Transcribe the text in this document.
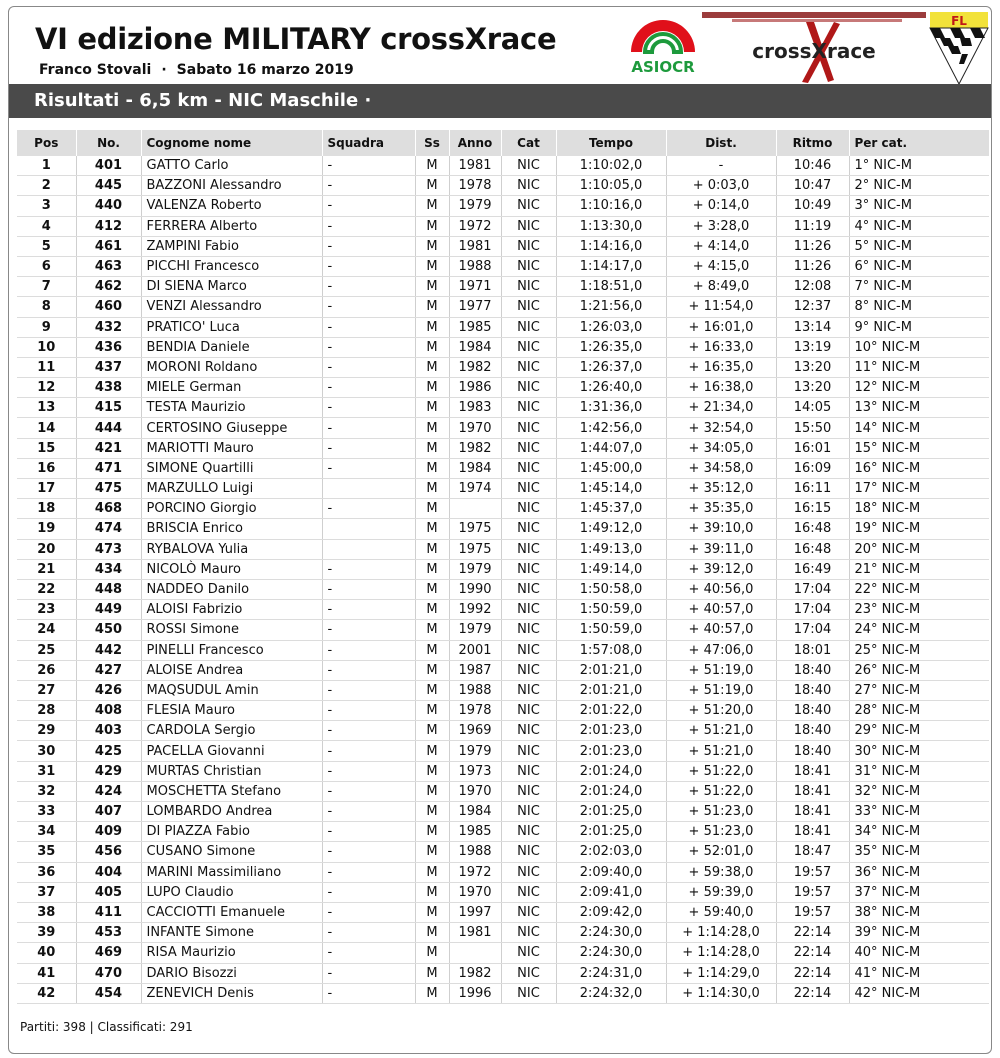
VI edizione MILITARY crossXrace
Franco Stovali · Sabato 16 marzo 2019	ASIOCR
crossXrace
FL
Risultati - 6,5 km - NIC Maschile ·
Pos	No.	Cognome nome	Squadra	Ss	Anno	Cat	Tempo	Dist.	Ritmo	Per cat.
1	401	GATTO Carlo	-	M	1981	NIC	1:10:02,0	-	10:46	1° NIC-M
2	445	BAZZONI Alessandro	-	M	1978	NIC	1:10:05,0	+ 0:03,0	10:47	2° NIC-M
3	440	VALENZA Roberto	-	M	1979	NIC	1:10:16,0	+ 0:14,0	10:49	3° NIC-M
4	412	FERRERA Alberto	-	M	1972	NIC	1:13:30,0	+ 3:28,0	11:19	4° NIC-M
5	461	ZAMPINI Fabio	-	M	1981	NIC	1:14:16,0	+ 4:14,0	11:26	5° NIC-M
6	463	PICCHI Francesco	-	M	1988	NIC	1:14:17,0	+ 4:15,0	11:26	6° NIC-M
7	462	DI SIENA Marco	-	M	1971	NIC	1:18:51,0	+ 8:49,0	12:08	7° NIC-M
8	460	VENZI Alessandro	-	M	1977	NIC	1:21:56,0	+ 11:54,0	12:37	8° NIC-M
9	432	PRATICO' Luca	-	M	1985	NIC	1:26:03,0	+ 16:01,0	13:14	9° NIC-M
10	436	BENDIA Daniele	-	M	1984	NIC	1:26:35,0	+ 16:33,0	13:19	10° NIC-M
11	437	MORONI Roldano	-	M	1982	NIC	1:26:37,0	+ 16:35,0	13:20	11° NIC-M
12	438	MIELE German	-	M	1986	NIC	1:26:40,0	+ 16:38,0	13:20	12° NIC-M
13	415	TESTA Maurizio	-	M	1983	NIC	1:31:36,0	+ 21:34,0	14:05	13° NIC-M
14	444	CERTOSINO Giuseppe	-	M	1970	NIC	1:42:56,0	+ 32:54,0	15:50	14° NIC-M
15	421	MARIOTTI Mauro	-	M	1982	NIC	1:44:07,0	+ 34:05,0	16:01	15° NIC-M
16	471	SIMONE Quartilli	-	M	1984	NIC	1:45:00,0	+ 34:58,0	16:09	16° NIC-M
17	475	MARZULLO Luigi		M	1974	NIC	1:45:14,0	+ 35:12,0	16:11	17° NIC-M
18	468	PORCINO Giorgio	-	M		NIC	1:45:37,0	+ 35:35,0	16:15	18° NIC-M
19	474	BRISCIA Enrico		M	1975	NIC	1:49:12,0	+ 39:10,0	16:48	19° NIC-M
20	473	RYBALOVA Yulia		M	1975	NIC	1:49:13,0	+ 39:11,0	16:48	20° NIC-M
21	434	NICOLÒ Mauro	-	M	1979	NIC	1:49:14,0	+ 39:12,0	16:49	21° NIC-M
22	448	NADDEO Danilo	-	M	1990	NIC	1:50:58,0	+ 40:56,0	17:04	22° NIC-M
23	449	ALOISI Fabrizio	-	M	1992	NIC	1:50:59,0	+ 40:57,0	17:04	23° NIC-M
24	450	ROSSI Simone	-	M	1979	NIC	1:50:59,0	+ 40:57,0	17:04	24° NIC-M
25	442	PINELLI Francesco	-	M	2001	NIC	1:57:08,0	+ 47:06,0	18:01	25° NIC-M
26	427	ALOISE Andrea	-	M	1987	NIC	2:01:21,0	+ 51:19,0	18:40	26° NIC-M
27	426	MAQSUDUL Amin	-	M	1988	NIC	2:01:21,0	+ 51:19,0	18:40	27° NIC-M
28	408	FLESIA Mauro	-	M	1978	NIC	2:01:22,0	+ 51:20,0	18:40	28° NIC-M
29	403	CARDOLA Sergio	-	M	1969	NIC	2:01:23,0	+ 51:21,0	18:40	29° NIC-M
30	425	PACELLA Giovanni	-	M	1979	NIC	2:01:23,0	+ 51:21,0	18:40	30° NIC-M
31	429	MURTAS Christian	-	M	1973	NIC	2:01:24,0	+ 51:22,0	18:41	31° NIC-M
32	424	MOSCHETTA Stefano	-	M	1970	NIC	2:01:24,0	+ 51:22,0	18:41	32° NIC-M
33	407	LOMBARDO Andrea	-	M	1984	NIC	2:01:25,0	+ 51:23,0	18:41	33° NIC-M
34	409	DI PIAZZA Fabio	-	M	1985	NIC	2:01:25,0	+ 51:23,0	18:41	34° NIC-M
35	456	CUSANO Simone	-	M	1988	NIC	2:02:03,0	+ 52:01,0	18:47	35° NIC-M
36	404	MARINI Massimiliano	-	M	1972	NIC	2:09:40,0	+ 59:38,0	19:57	36° NIC-M
37	405	LUPO Claudio	-	M	1970	NIC	2:09:41,0	+ 59:39,0	19:57	37° NIC-M
38	411	CACCIOTTI Emanuele	-	M	1997	NIC	2:09:42,0	+ 59:40,0	19:57	38° NIC-M
39	453	INFANTE Simone	-	M	1981	NIC	2:24:30,0	+ 1:14:28,0	22:14	39° NIC-M
40	469	RISA Maurizio	-	M		NIC	2:24:30,0	+ 1:14:28,0	22:14	40° NIC-M
41	470	DARIO Bisozzi	-	M	1982	NIC	2:24:31,0	+ 1:14:29,0	22:14	41° NIC-M
42	454	ZENEVICH Denis	-	M	1996	NIC	2:24:32,0	+ 1:14:30,0	22:14	42° NIC-M
Partiti: 398 | Classificati: 291
